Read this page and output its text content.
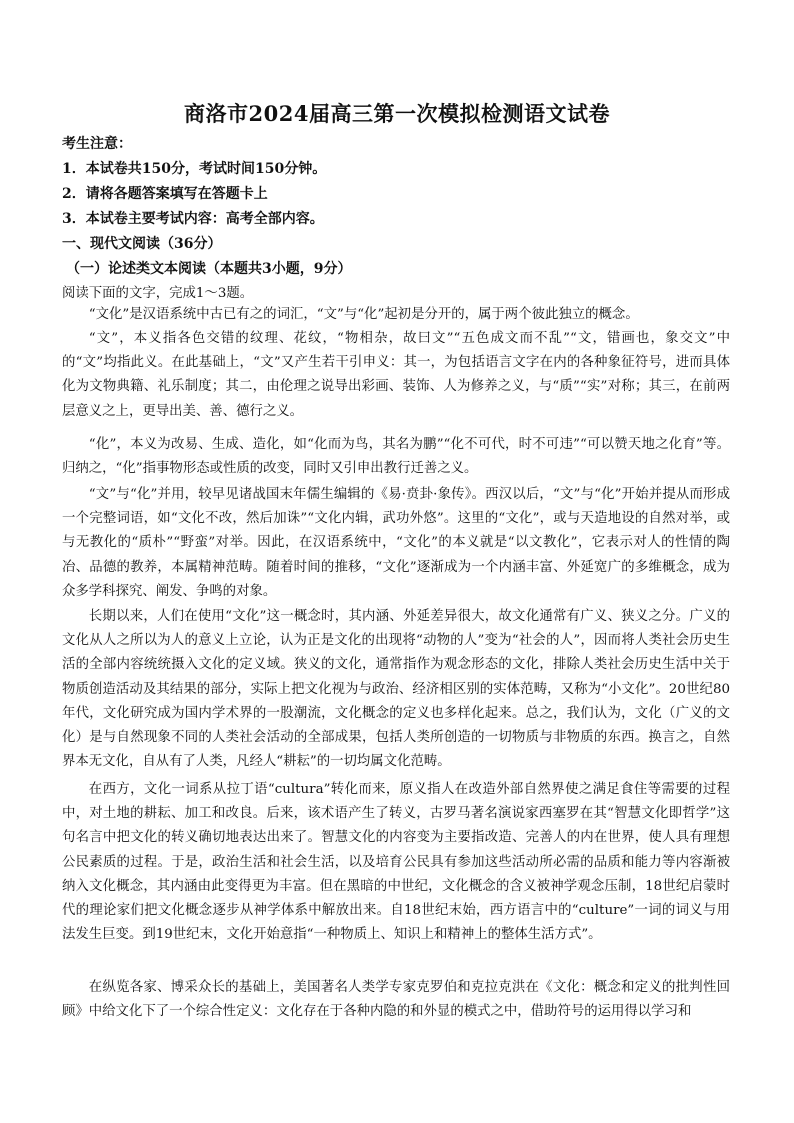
商洛市2024届高三第一次模拟检测语文试卷
考生注意：
1．本试卷共150分，考试时间150分钟。
2．请将各题答案填写在答题卡上
3．本试卷主要考试内容：高考全部内容。
一、现代文阅读（36分）
（一）论述类文本阅读（本题共3小题，9分）
阅读下面的文字，完成1～3题。
“文化”是汉语系统中古已有之的词汇，“文”与“化”起初是分开的，属于两个彼此独立的概念。
“文”，本义指各色交错的纹理、花纹，“物相杂，故曰文”“五色成文而不乱”“文，错画也，象交文”中的“文”均指此义。在此基础上，“文”又产生若干引申义：其一，为包括语言文字在内的各种象征符号，进而具体化为文物典籍、礼乐制度；其二，由伦理之说导出彩画、装饰、人为修养之义，与“质”“实”对称；其三，在前两层意义之上，更导出美、善、德行之义。
“化”，本义为改易、生成、造化，如“化而为鸟，其名为鹏”“化不可代，时不可违”“可以赞天地之化育”等。归纳之，“化”指事物形态或性质的改变，同时又引申出教行迁善之义。
“文”与“化”并用，较早见诸战国末年儒生编辑的《易·贲卦·象传》。西汉以后，“文”与“化”开始并提从而形成一个完整词语，如“文化不改，然后加诛”“文化内辑，武功外悠”。这里的“文化”，或与天造地设的自然对举，或与无教化的“质朴”“野蛮”对举。因此，在汉语系统中，“文化”的本义就是“以文教化”，它表示对人的性情的陶冶、品德的教养，本属精神范畴。随着时间的推移，“文化”逐渐成为一个内涵丰富、外延宽广的多维概念，成为众多学科探究、阐发、争鸣的对象。
长期以来，人们在使用“文化”这一概念时，其内涵、外延差异很大，故文化通常有广义、狭义之分。广义的文化从人之所以为人的意义上立论，认为正是文化的出现将“动物的人”变为“社会的人”，因而将人类社会历史生活的全部内容统统摄入文化的定义域。狭义的文化，通常指作为观念形态的文化，排除人类社会历史生活中关于物质创造活动及其结果的部分，实际上把文化视为与政治、经济相区别的实体范畴，又称为“小文化”。20世纪80年代，文化研究成为国内学术界的一股潮流，文化概念的定义也多样化起来。总之，我们认为，文化（广义的文化）是与自然现象不同的人类社会活动的全部成果，包括人类所创造的一切物质与非物质的东西。换言之，自然界本无文化，自从有了人类，凡经人“耕耘”的一切均属文化范畴。
在西方，文化一词系从拉丁语“cultura”转化而来，原义指人在改造外部自然界使之满足食住等需要的过程中，对土地的耕耘、加工和改良。后来，该术语产生了转义，古罗马著名演说家西塞罗在其“智慧文化即哲学”这句名言中把文化的转义确切地表达出来了。智慧文化的内容变为主要指改造、完善人的内在世界，使人具有理想公民素质的过程。于是，政治生活和社会生活，以及培育公民具有参加这些活动所必需的品质和能力等内容渐被纳入文化概念，其内涵由此变得更为丰富。但在黑暗的中世纪，文化概念的含义被神学观念压制，18世纪启蒙时代的理论家们把文化概念逐步从神学体系中解放出来。自18世纪末始，西方语言中的“culture”一词的词义与用法发生巨变。到19世纪末，文化开始意指“一种物质上、知识上和精神上的整体生活方式”。
在纵览各家、博采众长的基础上，美国著名人类学专家克罗伯和克拉克洪在《文化：概念和定义的批判性回顾》中给文化下了一个综合性定义：文化存在于各种内隐的和外显的模式之中，借助符号的运用得以学习和
